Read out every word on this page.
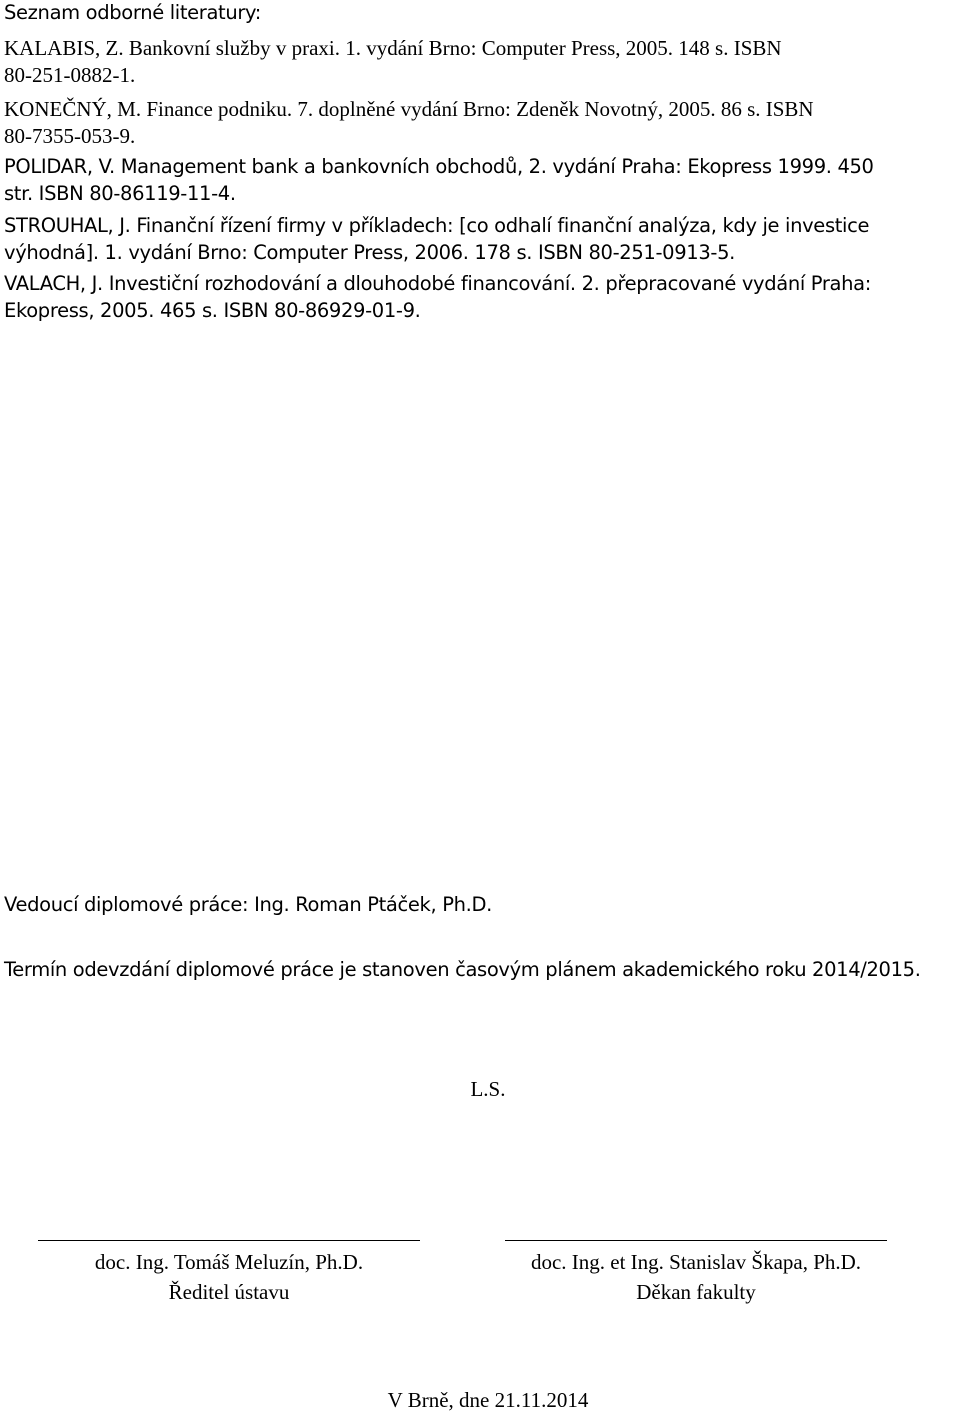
Seznam odborné literatury:
KALABIS, Z. Bankovní služby v praxi. 1. vydání Brno: Computer Press, 2005. 148 s. ISBN
80-251-0882-1.
KONEČNÝ, M. Finance podniku. 7. doplněné vydání Brno: Zdeněk Novotný, 2005. 86 s. ISBN
80-7355-053-9.
POLIDAR, V. Management bank a bankovních obchodů, 2. vydání Praha: Ekopress 1999. 450
str. ISBN 80-86119-11-4.
STROUHAL, J. Finanční řízení firmy v příkladech: [co odhalí finanční analýza, kdy je investice
výhodná]. 1. vydání Brno: Computer Press, 2006. 178 s. ISBN 80-251-0913-5.
VALACH, J. Investiční rozhodování a dlouhodobé financování. 2. přepracované vydání Praha:
Ekopress, 2005. 465 s. ISBN 80-86929-01-9.
Vedoucí diplomové práce: Ing. Roman Ptáček, Ph.D.
Termín odevzdání diplomové práce je stanoven časovým plánem akademického roku 2014/2015.
L.S.
doc. Ing. Tomáš Meluzín, Ph.D.
Ředitel ústavu
doc. Ing. et Ing. Stanislav Škapa, Ph.D.
Děkan fakulty
V Brně, dne 21.11.2014
